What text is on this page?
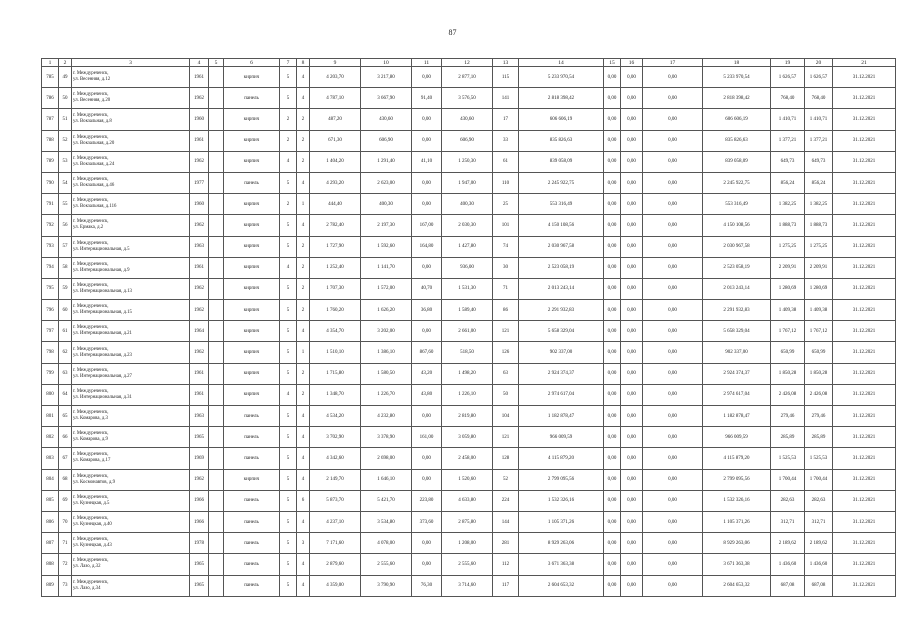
87
1	2	3	4	5	6	7	8	9	10	11	12	13	14	15	16	17	18	19	20	21
785	49	г. Междуреченск,
ул. Весенняя, д.12	1961		кирпич	5	4	4 203,70	3 217,80	0,00	2 877,10	115	5 233 970,54	0,00	0,00	0,00	5 233 970,54	1 626,57	1 626,57	31.12.2021
786	50	г. Междуреченск,
ул. Весенняя, д.20	1962		панель	5	4	4 787,10	3 667,90	91,40	3 576,50	141	2 818 398,42	0,00	0,00	0,00	2 818 398,42	768,40	768,40	31.12.2021
787	51	г. Междуреченск,
ул. Вокзальная, д.8	1960		кирпич	2	2	487,20	430,60	0,00	430,60	17	606 606,19	0,00	0,00	0,00	606 606,19	1 410,71	1 410,71	31.12.2021
788	52	г. Междуреченск,
ул. Вокзальная, д.20	1961		кирпич	2	2	671,30	606,90	0,00	606,90	33	835 826,63	0,00	0,00	0,00	835 826,63	1 377,21	1 377,21	31.12.2021
789	53	г. Междуреченск,
ул. Вокзальная, д.24	1962		кирпич	4	2	1 404,20	1 291,40	41,10	1 250,30	61	839 058,09	0,00	0,00	0,00	839 058,09	649,73	649,73	31.12.2021
790	54	г. Междуреченск,
ул. Вокзальная, д.46	1977		панель	5	4	4 293,20	2 623,00	0,00	1 947,00	110	2 245 922,75	0,00	0,00	0,00	2 245 922,75	856,24	856,24	31.12.2021
791	55	г. Междуреченск,
ул. Вокзальная, д.116	1960		кирпич	2	1	444,40	400,30	0,00	400,30	25	553 316,49	0,00	0,00	0,00	553 316,49	1 382,25	1 382,25	31.12.2021
792	56	г. Междуреченск,
ул. Ермака, д.2	1962		кирпич	5	4	2 782,40	2 197,30	167,00	2 030,30	101	4 150 108,56	0,00	0,00	0,00	4 150 108,56	1 888,73	1 888,73	31.12.2021
793	57	г. Междуреченск,
ул. Интернациональная, д.5	1963		кирпич	5	2	1 727,90	1 592,60	164,80	1 427,80	74	2 030 967,58	0,00	0,00	0,00	2 030 967,58	1 275,25	1 275,25	31.12.2021
794	58	г. Междуреченск,
ул. Интернациональная, д.9	1961		кирпич	4	2	1 252,40	1 141,70	0,00	936,00	30	2 523 058,19	0,00	0,00	0,00	2 523 058,19	2 209,91	2 209,91	31.12.2021
795	59	г. Междуреченск,
ул. Интернациональная, д.13	1962		кирпич	5	2	1 707,30	1 572,00	40,70	1 531,30	71	2 013 243,14	0,00	0,00	0,00	2 013 243,14	1 280,69	1 280,69	31.12.2021
796	60	г. Междуреченск,
ул. Интернациональная, д.15	1962		кирпич	5	2	1 760,20	1 626,20	36,80	1 589,40	86	2 291 932,83	0,00	0,00	0,00	2 291 932,83	1 409,38	1 409,38	31.12.2021
797	61	г. Междуреченск,
ул. Интернациональная, д.21	1964		кирпич	5	4	4 354,70	3 202,00	0,00	2 661,00	121	5 658 329,04	0,00	0,00	0,00	5 658 329,04	1 767,12	1 767,12	31.12.2021
798	62	г. Междуреченск,
ул. Интернациональная, д.23	1962		кирпич	5	1	1 510,10	1 386,10	867,60	518,50	126	902 337,00	0,00	0,00	0,00	902 337,00	650,99	650,99	31.12.2021
799	63	г. Междуреченск,
ул. Интернациональная, д.27	1961		кирпич	5	2	1 715,80	1 580,50	43,20	1 498,20	63	2 924 374,37	0,00	0,00	0,00	2 924 374,37	1 850,28	1 850,28	31.12.2021
800	64	г. Междуреченск,
ул. Интернациональная, д.31	1961		кирпич	4	2	1 348,70	1 226,70	43,80	1 226,10	50	2 974 617,04	0,00	0,00	0,00	2 974 617,04	2 426,08	2 426,08	31.12.2021
801	65	г. Междуреченск,
ул. Комарова, д.3	1963		панель	5	4	4 534,20	4 232,80	0,00	2 819,80	104	1 182 878,47	0,00	0,00	0,00	1 182 878,47	279,46	279,46	31.12.2021
802	66	г. Междуреченск,
ул. Комарова, д.9	1965		панель	5	4	3 702,90	3 378,90	161,00	3 059,80	121	966 009,59	0,00	0,00	0,00	966 009,59	285,89	285,89	31.12.2021
803	67	г. Междуреченск,
ул. Комарова, д.17	1969		панель	5	4	4 342,60	2 698,00	0,00	2 458,00	128	4 115 879,20	0,00	0,00	0,00	4 115 879,20	1 525,53	1 525,53	31.12.2021
804	68	г. Междуреченск,
ул. Космонавтов, д.9	1962		кирпич	5	4	2 149,70	1 646,10	0,00	1 520,60	52	2 799 095,56	0,00	0,00	0,00	2 799 095,56	1 700,44	1 700,44	31.12.2021
805	69	г. Междуреченск,
ул. Кузнецкая, д.5	1966		панель	5	6	5 873,70	5 421,70	223,80	4 633,80	224	1 532 326,16	0,00	0,00	0,00	1 532 326,16	282,63	282,63	31.12.2021
806	70	г. Междуреченск,
ул. Кузнецкая, д.40	1966		панель	5	4	4 237,10	3 534,80	373,60	2 875,80	144	1 105 371,26	0,00	0,00	0,00	1 105 371,26	312,71	312,71	31.12.2021
807	71	г. Междуреченск,
ул. Кузнецкая, д.43	1978		панель	5	3	7 171,60	4 078,00	0,00	1 208,00	281	8 929 263,06	0,00	0,00	0,00	8 929 263,06	2 189,62	2 189,62	31.12.2021
808	72	г. Междуреченск,
ул. Лазо, д.32	1965		панель	5	4	2 879,60	2 555,60	0,00	2 555,60	112	3 671 363,38	0,00	0,00	0,00	3 671 363,38	1 436,60	1 436,60	31.12.2021
809	73	г. Междуреченск,
ул. Лазо, д.34	1965		панель	5	4	4 359,00	3 790,90	76,30	3 714,60	117	2 604 653,32	0,00	0,00	0,00	2 604 653,32	687,08	687,08	31.12.2021
